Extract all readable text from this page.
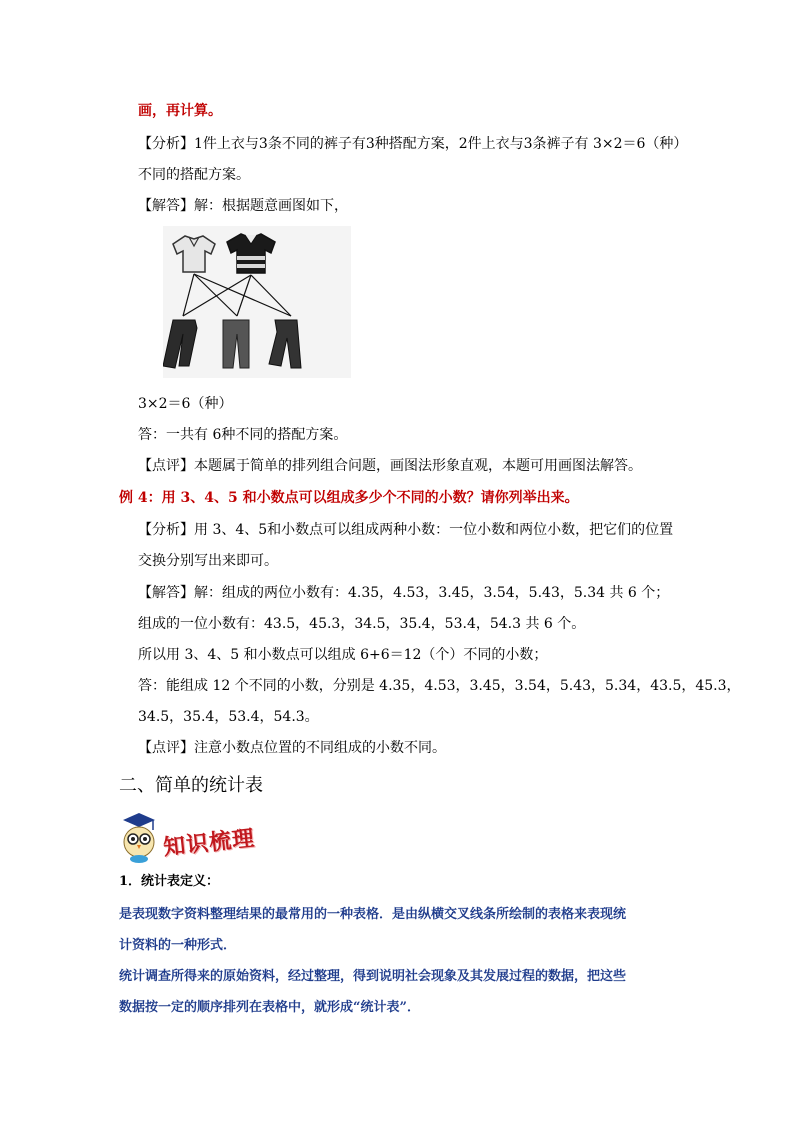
画，再计算。
【分析】1件上衣与3条不同的裤子有3种搭配方案，2件上衣与3条裤子有 3×2＝6（种）
不同的搭配方案。
【解答】解：根据题意画图如下，
3×2＝6（种）
答：一共有 6种不同的搭配方案。
【点评】本题属于简单的排列组合问题，画图法形象直观，本题可用画图法解答。
例 4：用 3、4、5 和小数点可以组成多少个不同的小数？请你列举出来。
【分析】用 3、4、5和小数点可以组成两种小数：一位小数和两位小数，把它们的位置
交换分别写出来即可。
【解答】解：组成的两位小数有：4.35，4.53，3.45，3.54，5.43，5.34 共 6 个；
组成的一位小数有：43.5，45.3，34.5，35.4，53.4，54.3 共 6 个。
所以用 3、4、5 和小数点可以组成 6+6＝12（个）不同的小数；
答：能组成 12 个不同的小数，分别是 4.35，4.53，3.45，3.54，5.43，5.34，43.5，45.3，
34.5，35.4，53.4，54.3。
【点评】注意小数点位置的不同组成的小数不同。
二、简单的统计表
知识梳理
1．统计表定义：
是表现数字资料整理结果的最常用的一种表格．是由纵横交叉线条所绘制的表格来表现统
计资料的一种形式．
统计调查所得来的原始资料，经过整理，得到说明社会现象及其发展过程的数据，把这些
数据按一定的顺序排列在表格中，就形成“统计表”．
